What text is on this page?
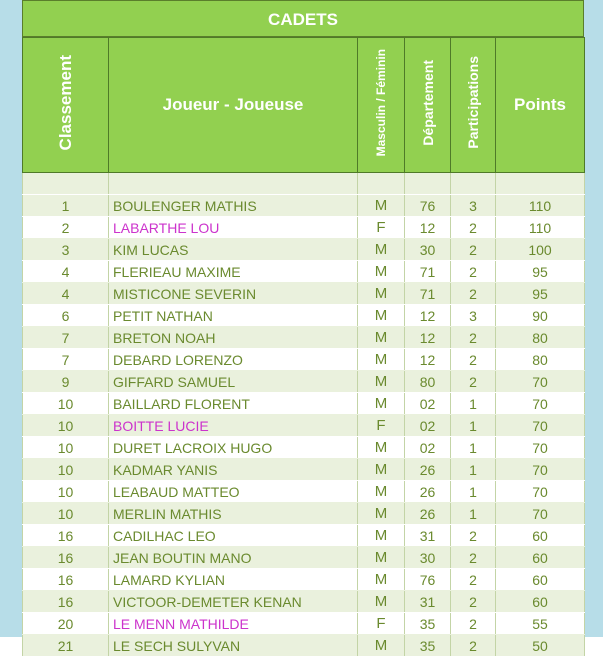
CADETS
Classement	Joueur - Joueuse	Masculin / Féminin	Département	Participations	Points

1	BOULENGER MATHIS	M	76	3	110
2	LABARTHE LOU	F	12	2	110
3	KIM LUCAS	M	30	2	100
4	FLERIEAU MAXIME	M	71	2	95
4	MISTICONE SEVERIN	M	71	2	95
6	PETIT NATHAN	M	12	3	90
7	BRETON NOAH	M	12	2	80
7	DEBARD LORENZO	M	12	2	80
9	GIFFARD SAMUEL	M	80	2	70
10	BAILLARD FLORENT	M	02	1	70
10	BOITTE LUCIE	F	02	1	70
10	DURET LACROIX HUGO	M	02	1	70
10	KADMAR YANIS	M	26	1	70
10	LEABAUD MATTEO	M	26	1	70
10	MERLIN MATHIS	M	26	1	70
16	CADILHAC LEO	M	31	2	60
16	JEAN BOUTIN MANO	M	30	2	60
16	LAMARD KYLIAN	M	76	2	60
16	VICTOOR-DEMETER KENAN	M	31	2	60
20	LE MENN MATHILDE	F	35	2	55
21	LE SECH SULYVAN	M	35	2	50
